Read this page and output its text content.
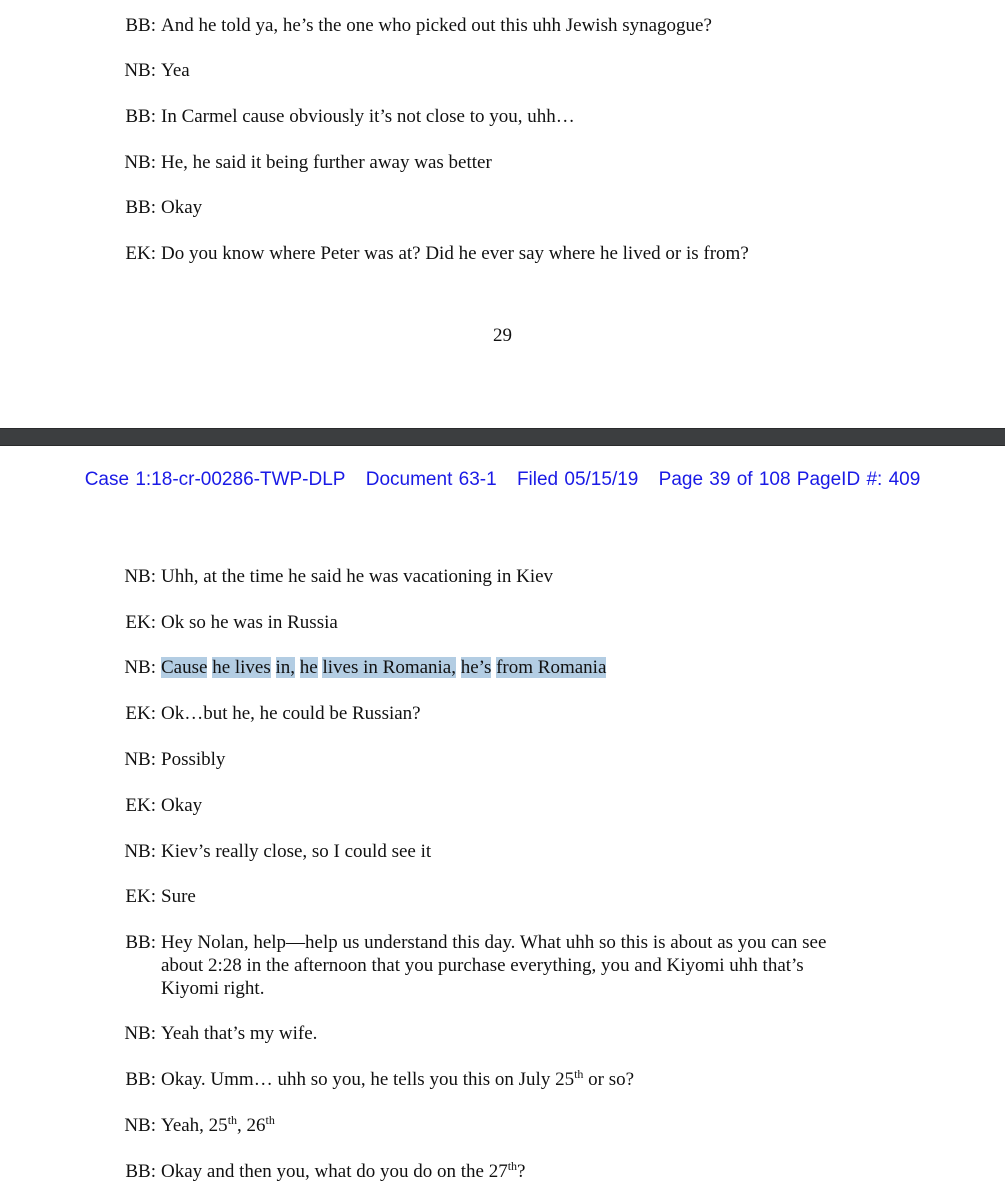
BB: And he told ya, he’s the one who picked out this uhh Jewish synagogue?
NB: Yea
BB: In Carmel cause obviously it’s not close to you, uhh…
NB: He, he said it being further away was better
BB: Okay
EK: Do you know where Peter was at? Did he ever say where he lived or is from?
29
Case 1:18-cr-00286-TWP-DLP Document 63-1 Filed 05/15/19 Page 39 of 108 PageID #: 409
NB: Uhh, at the time he said he was vacationing in Kiev
EK: Ok so he was in Russia
NB: Cause he lives in, he lives in Romania, he’s from Romania
EK: Ok…but he, he could be Russian?
NB: Possibly
EK: Okay
NB: Kiev’s really close, so I could see it
EK: Sure
BB: Hey Nolan, help—help us understand this day. What uhh so this is about as you can see about 2:28 in the afternoon that you purchase everything, you and Kiyomi uhh that’s Kiyomi right.
NB: Yeah that’s my wife.
BB: Okay. Umm… uhh so you, he tells you this on July 25th or so?
NB: Yeah, 25th, 26th
BB: Okay and then you, what do you do on the 27th?
